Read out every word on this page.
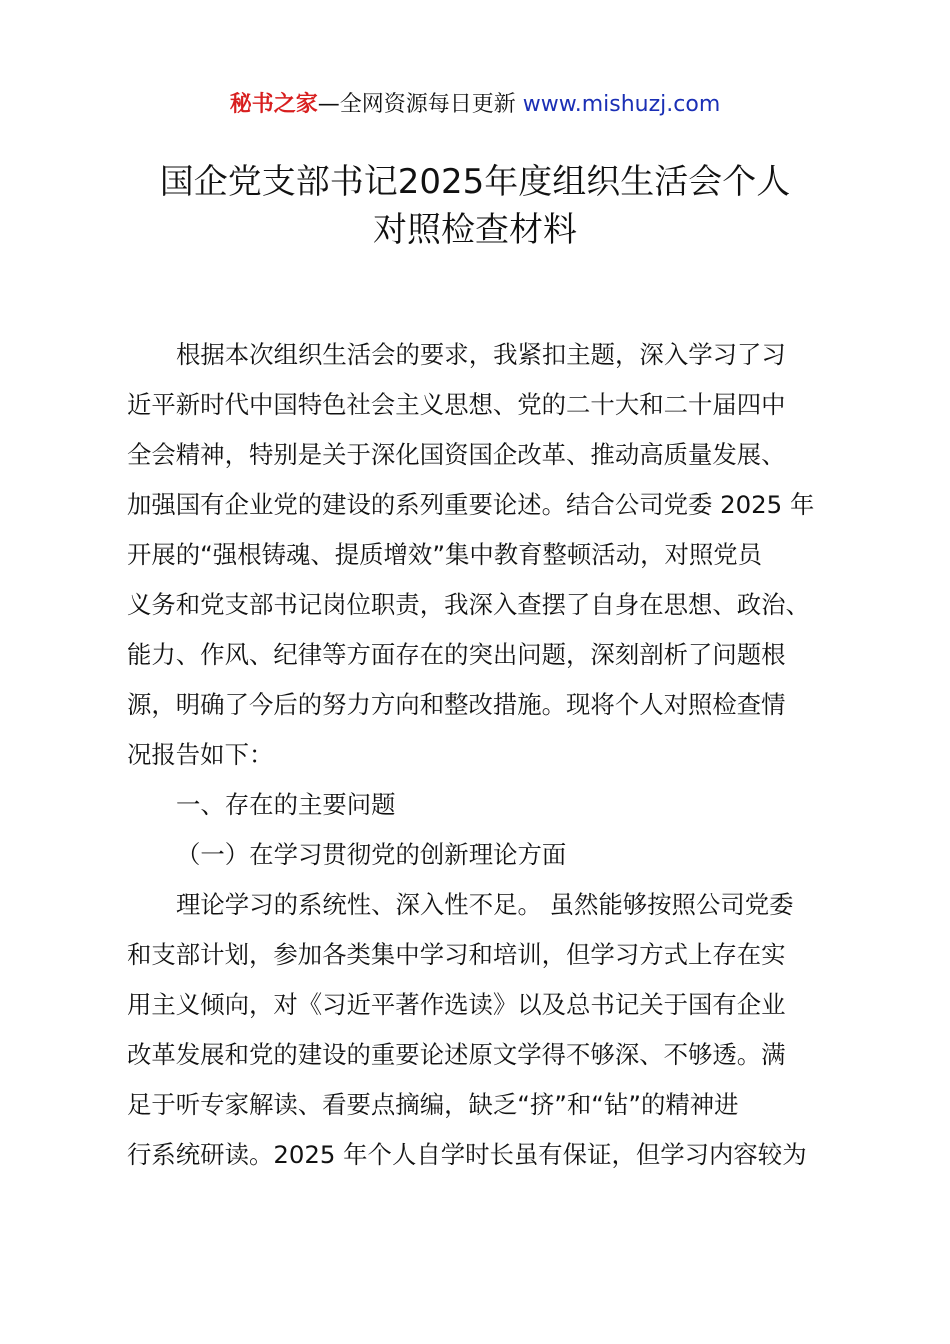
秘书之家—全网资源每日更新 www.mishuzj.com
国企党支部书记2025年度组织生活会个人
对照检查材料
根据本次组织生活会的要求，我紧扣主题，深入学习了习
近平新时代中国特色社会主义思想、党的二十大和二十届四中
全会精神，特别是关于深化国资国企改革、推动高质量发展、
加强国有企业党的建设的系列重要论述。结合公司党委 2025 年
开展的“强根铸魂、提质增效”集中教育整顿活动，对照党员
义务和党支部书记岗位职责，我深入查摆了自身在思想、政治、
能力、作风、纪律等方面存在的突出问题，深刻剖析了问题根
源，明确了今后的努力方向和整改措施。现将个人对照检查情
况报告如下：
一、存在的主要问题
（一）在学习贯彻党的创新理论方面
理论学习的系统性、深入性不足。 虽然能够按照公司党委
和支部计划，参加各类集中学习和培训，但学习方式上存在实
用主义倾向，对《习近平著作选读》以及总书记关于国有企业
改革发展和党的建设的重要论述原文学得不够深、不够透。满
足于听专家解读、看要点摘编，缺乏“挤”和“钻”的精神进
行系统研读。2025 年个人自学时长虽有保证，但学习内容较为
